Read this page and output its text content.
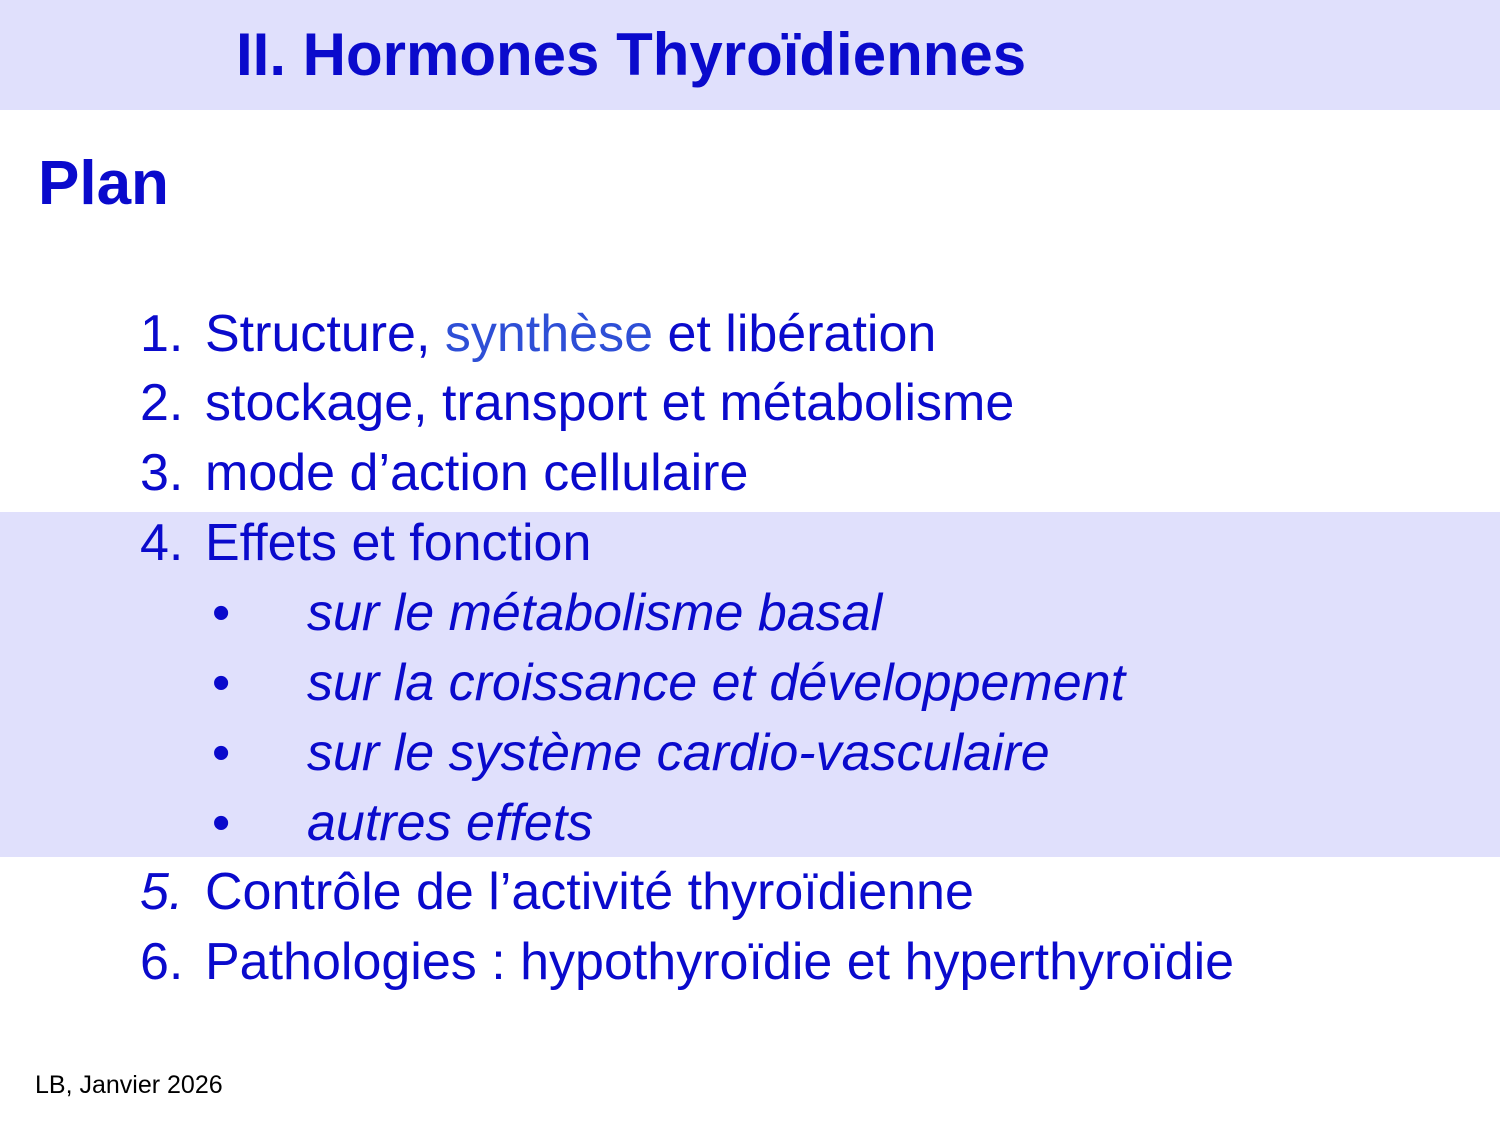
II. Hormones Thyroïdiennes
Plan

1. Structure, synthèse et libération

2. stockage, transport et métabolisme

3. mode d’action cellulaire

4. Effets et fonction

• sur le métabolisme basal

• sur la croissance et développement

• sur le système cardio-vasculaire

• autres effets

5. Contrôle de l’activité thyroïdienne

6. Pathologies : hypothyroïdie et hyperthyroïdie

LB, Janvier 2026
